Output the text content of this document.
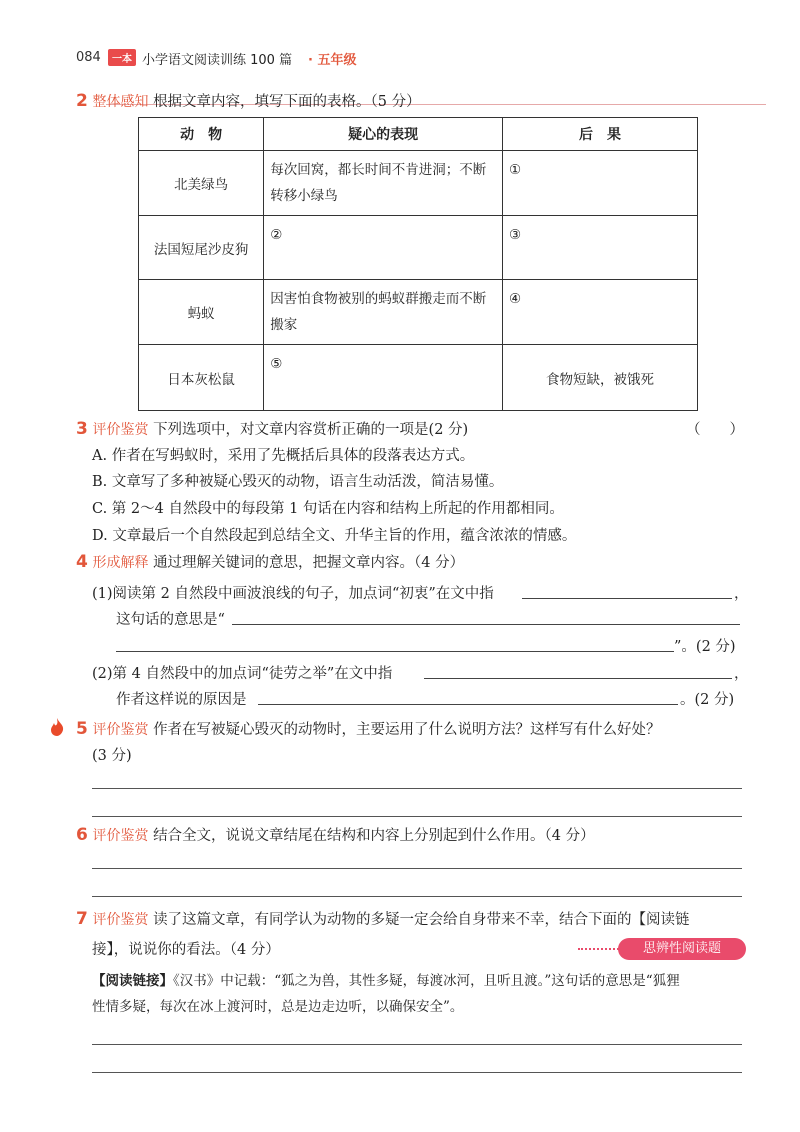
084	一本 小学语文阅读训练 100 篇 · 五年级
2 整体感知 根据文章内容，填写下面的表格。（5 分）
动　物	疑心的表现	后　果
北美绿鸟	每次回窝，都长时间不肯进洞；不断转移小绿鸟	①
法国短尾沙皮狗	②	③
蚂蚁	因害怕食物被别的蚂蚁群搬走而不断搬家	④
日本灰松鼠	⑤	食物短缺，被饿死
3 评价鉴赏 下列选项中，对文章内容赏析正确的一项是(2 分)	（　　）
A. 作者在写蚂蚁时，采用了先概括后具体的段落表达方式。
B. 文章写了多种被疑心毁灭的动物，语言生动活泼，简洁易懂。
C. 第 2～4 自然段中的每段第 1 句话在内容和结构上所起的作用都相同。
D. 文章最后一个自然段起到总结全文、升华主旨的作用，蕴含浓浓的情感。
4 形成解释 通过理解关键词的意思，把握文章内容。（4 分）
(1)阅读第 2 自然段中画波浪线的句子，加点词“初衷”在文中指	，
这句话的意思是“
”。(2 分)
(2)第 4 自然段中的加点词“徒劳之举”在文中指	，
作者这样说的原因是	。(2 分)
5 评价鉴赏 作者在写被疑心毁灭的动物时，主要运用了什么说明方法？这样写有什么好处？
(3 分)
6 评价鉴赏 结合全文，说说文章结尾在结构和内容上分别起到什么作用。（4 分）
7 评价鉴赏 读了这篇文章，有同学认为动物的多疑一定会给自身带来不幸，结合下面的【阅读链
接】，说说你的看法。（4 分）	思辨性阅读题
【阅读链接】《汉书》中记载：“狐之为兽，其性多疑，每渡冰河，且听且渡。”这句话的意思是“狐狸
性情多疑，每次在冰上渡河时，总是边走边听，以确保安全”。
